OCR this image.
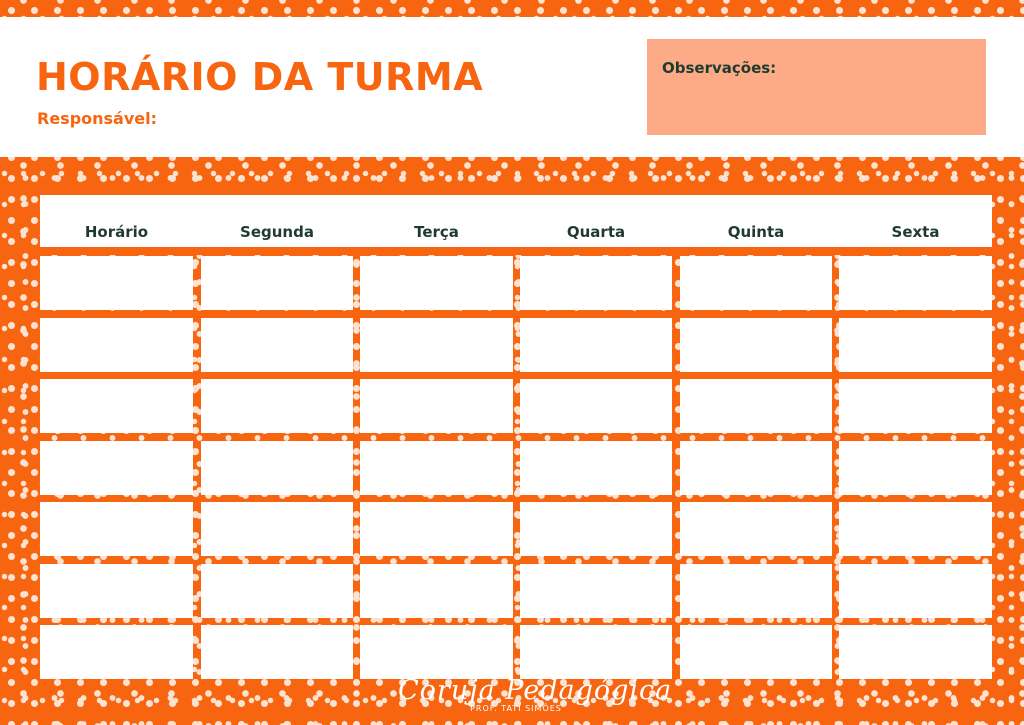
HORÁRIO DA TURMA
Responsável:
Observações:
Horário	Segunda	Terça	Quarta	Quinta	Sexta
Coruja Pedagógica
PROF. TATI SIMÕES
